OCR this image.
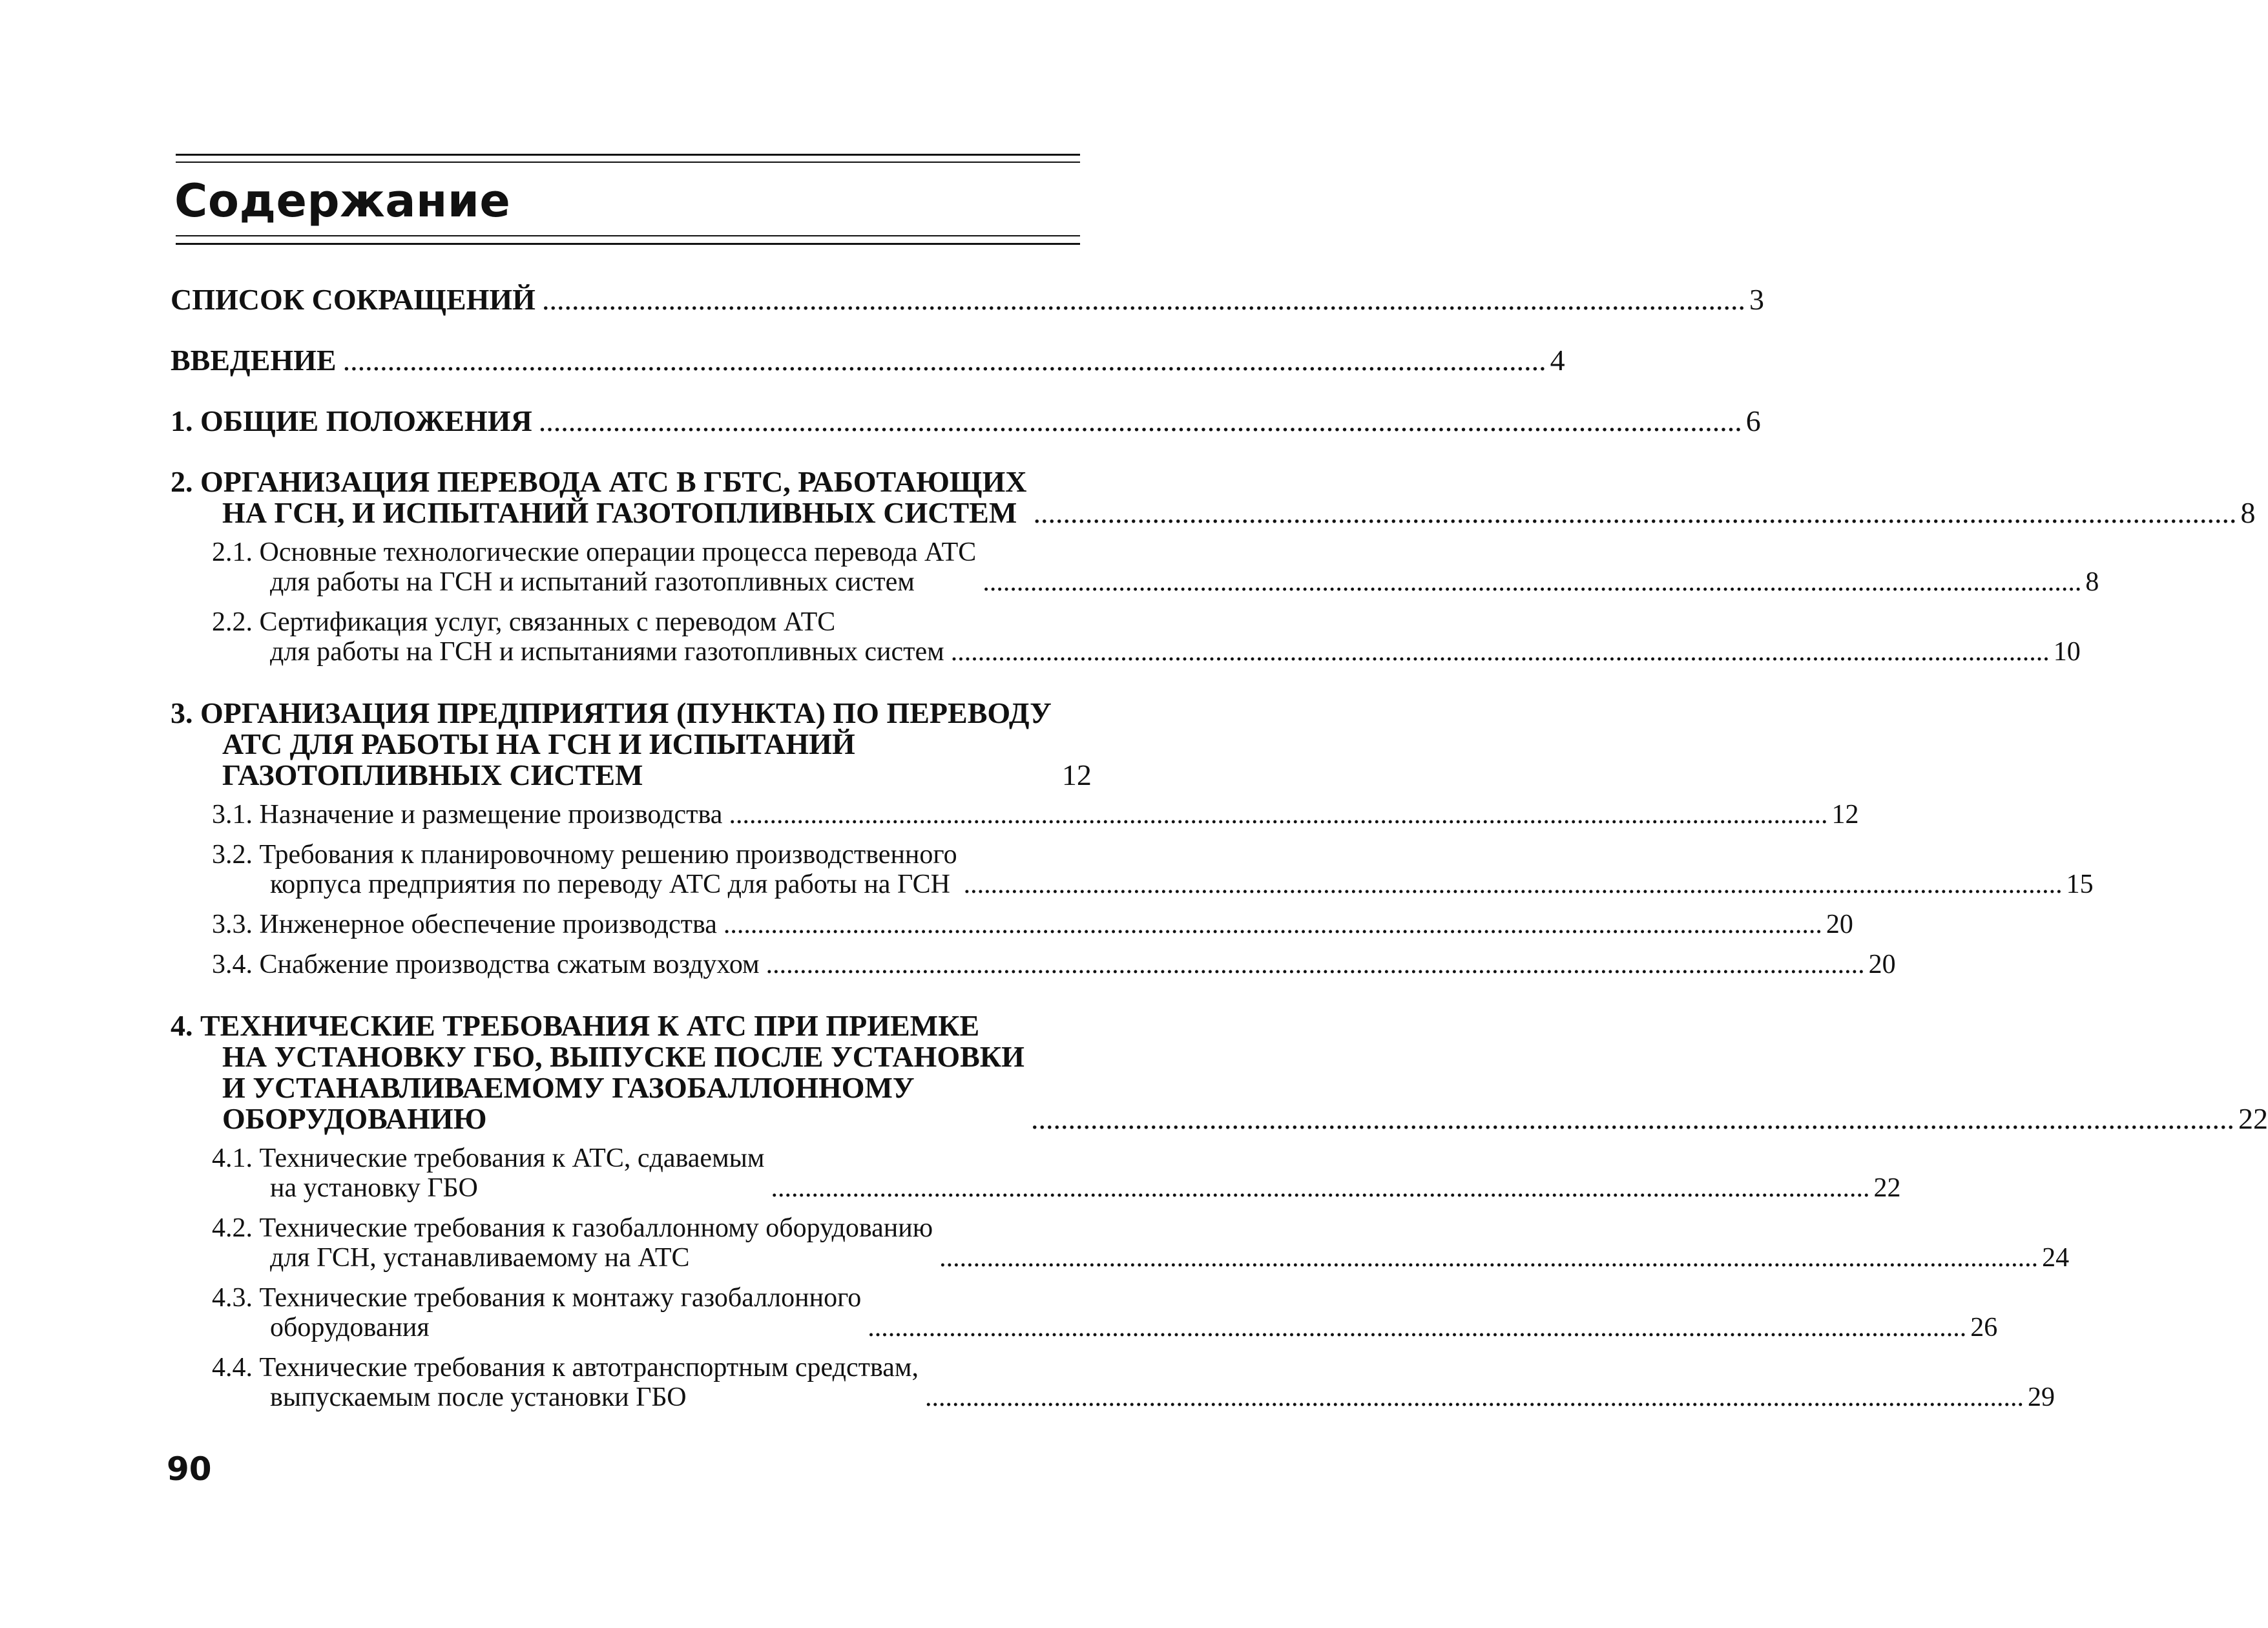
Содержание
СПИСОК СОКРАЩЕНИЙ .................................................................................................................................................................. 3
ВВЕДЕНИЕ .................................................................................................................................................................. 4
1. ОБЩИЕ ПОЛОЖЕНИЯ .................................................................................................................................................................. 6
2. ОРГАНИЗАЦИЯ ПЕРЕВОДА АТС В ГБТС, РАБОТАЮЩИХ
НА ГСН, И ИСПЫТАНИЙ ГАЗОТОПЛИВНЫХ СИСТЕМ .................................................................................................................................................................. 8
2.1. Основные технологические операции процесса перевода АТС
для работы на ГСН и испытаний газотопливных систем	.................................................................................................................................................................. 8
2.2. Сертификация услуг, связанных с переводом АТС
для работы на ГСН и испытаниями газотопливных систем .................................................................................................................................................................. 10
3. ОРГАНИЗАЦИЯ ПРЕДПРИЯТИЯ (ПУНКТА) ПО ПЕРЕВОДУ
АТС ДЛЯ РАБОТЫ НА ГСН И ИСПЫТАНИЙ
ГАЗОТОПЛИВНЫХ СИСТЕМ	12
3.1. Назначение и размещение производства .................................................................................................................................................................. 12
3.2. Требования к планировочному решению производственного
корпуса предприятия по переводу АТС для работы на ГСН .................................................................................................................................................................. 15
3.3. Инженерное обеспечение производства .................................................................................................................................................................. 20
3.4. Снабжение производства сжатым воздухом .................................................................................................................................................................. 20
4. ТЕХНИЧЕСКИЕ ТРЕБОВАНИЯ К АТС ПРИ ПРИЕМКЕ
НА УСТАНОВКУ ГБО, ВЫПУСКЕ ПОСЛЕ УСТАНОВКИ
И УСТАНАВЛИВАЕМОМУ ГАЗОБАЛЛОННОМУ
ОБОРУДОВАНИЮ	.................................................................................................................................................................. 22
4.1. Технические требования к АТС, сдаваемым
на установку ГБО	.................................................................................................................................................................. 22
4.2. Технические требования к газобаллонному оборудованию
для ГСН, устанавливаемому на АТС	.................................................................................................................................................................. 24
4.3. Технические требования к монтажу газобаллонного
оборудования	.................................................................................................................................................................. 26
4.4. Технические требования к автотранспортным средствам,
выпускаемым после установки ГБО	.................................................................................................................................................................. 29

90
